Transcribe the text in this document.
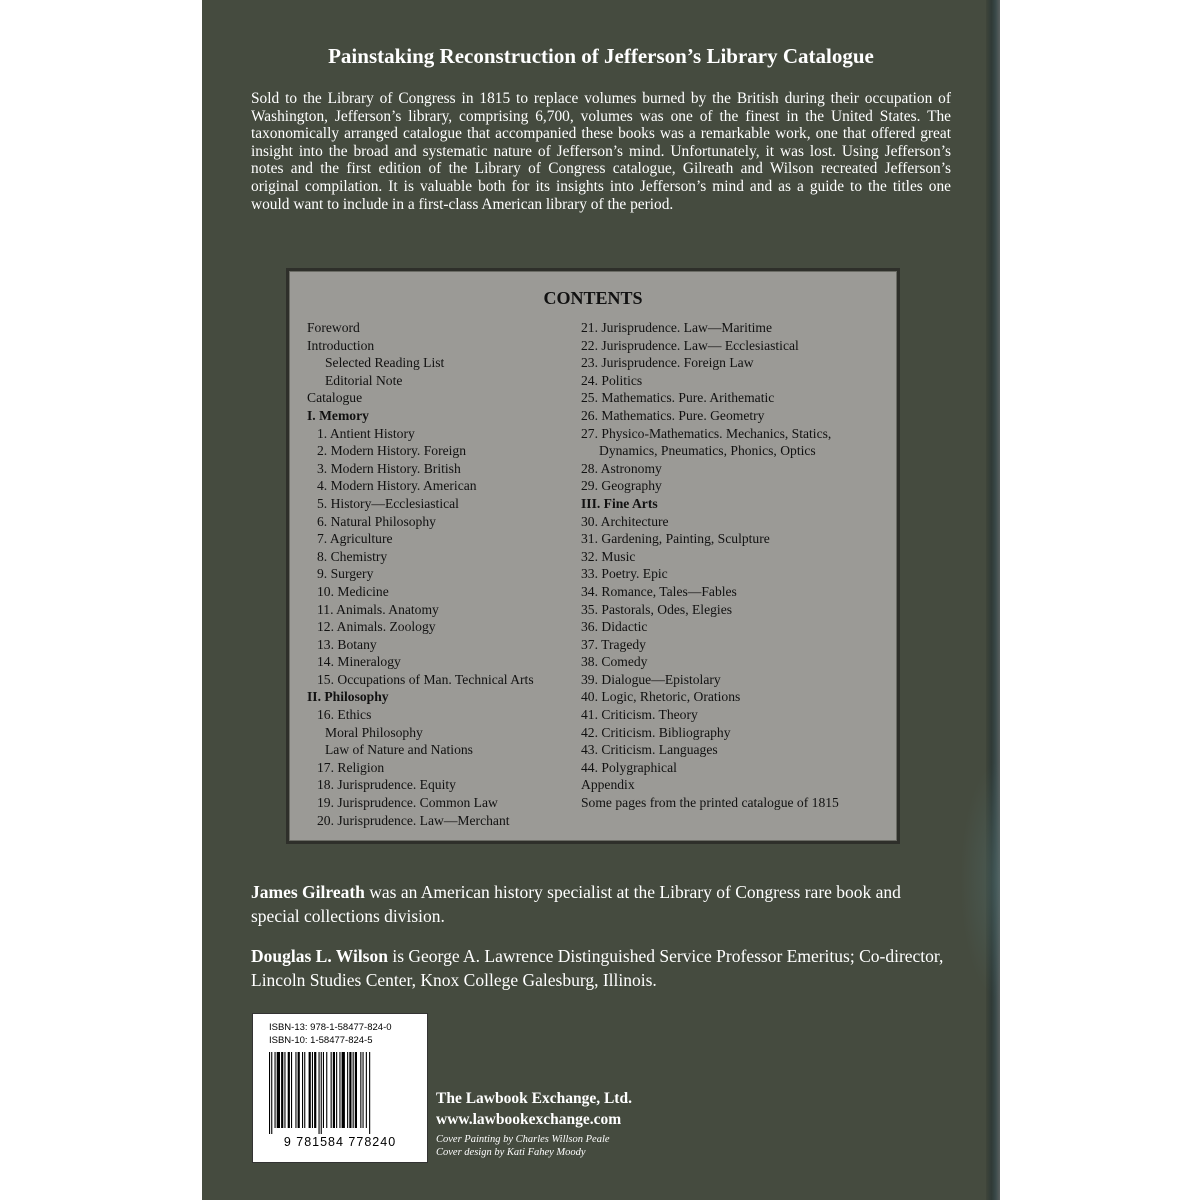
Painstaking Reconstruction of Jefferson’s Library Catalogue

Sold to the Library of Congress in 1815 to replace volumes burned by the British during their occupation of Washington, Jefferson’s library, comprising 6,700, volumes was one of the finest in the United States. The taxonomically arranged catalogue that accompanied these books was a remarkable work, one that offered great insight into the broad and systematic nature of Jefferson’s mind. Unfortunately, it was lost. Using Jefferson’s notes and the first edition of the Library of Congress catalogue, Gilreath and Wilson recreated Jefferson’s original compilation. It is valuable both for its insights into Jefferson’s mind and as a guide to the titles one would want to include in a first-class American library of the period.

CONTENTS
Foreword
Introduction
Selected Reading List
Editorial Note
Catalogue
I. Memory
1. Antient History
2. Modern History. Foreign
3. Modern History. British
4. Modern History. American
5. History—Ecclesiastical
6. Natural Philosophy
7. Agriculture
8. Chemistry
9. Surgery
10. Medicine
11. Animals. Anatomy
12. Animals. Zoology
13. Botany
14. Mineralogy
15. Occupations of Man. Technical Arts
II. Philosophy
16. Ethics
Moral Philosophy
Law of Nature and Nations
17. Religion
18. Jurisprudence. Equity
19. Jurisprudence. Common Law
20. Jurisprudence. Law—Merchant
21. Jurisprudence. Law—Maritime
22. Jurisprudence. Law— Ecclesiastical
23. Jurisprudence. Foreign Law
24. Politics
25. Mathematics. Pure. Arithematic
26. Mathematics. Pure. Geometry
27. Physico-Mathematics. Mechanics, Statics,
Dynamics, Pneumatics, Phonics, Optics
28. Astronomy
29. Geography
III. Fine Arts
30. Architecture
31. Gardening, Painting, Sculpture
32. Music
33. Poetry. Epic
34. Romance, Tales—Fables
35. Pastorals, Odes, Elegies
36. Didactic
37. Tragedy
38. Comedy
39. Dialogue—Epistolary
40. Logic, Rhetoric, Orations
41. Criticism. Theory
42. Criticism. Bibliography
43. Criticism. Languages
44. Polygraphical
Appendix
Some pages from the printed catalogue of 1815

James Gilreath was an American history specialist at the Library of Congress rare book and special collections division.

Douglas L. Wilson is George A. Lawrence Distinguished Service Professor Emeritus; Co-director, Lincoln Studies Center, Knox College Galesburg, Illinois.

ISBN-13: 978-1-58477-824-0
ISBN-10: 1-58477-824-5
9 781584 778240
The Lawbook Exchange, Ltd.
www.lawbookexchange.com
Cover Painting by Charles Willson Peale
Cover design by Kati Fahey Moody
